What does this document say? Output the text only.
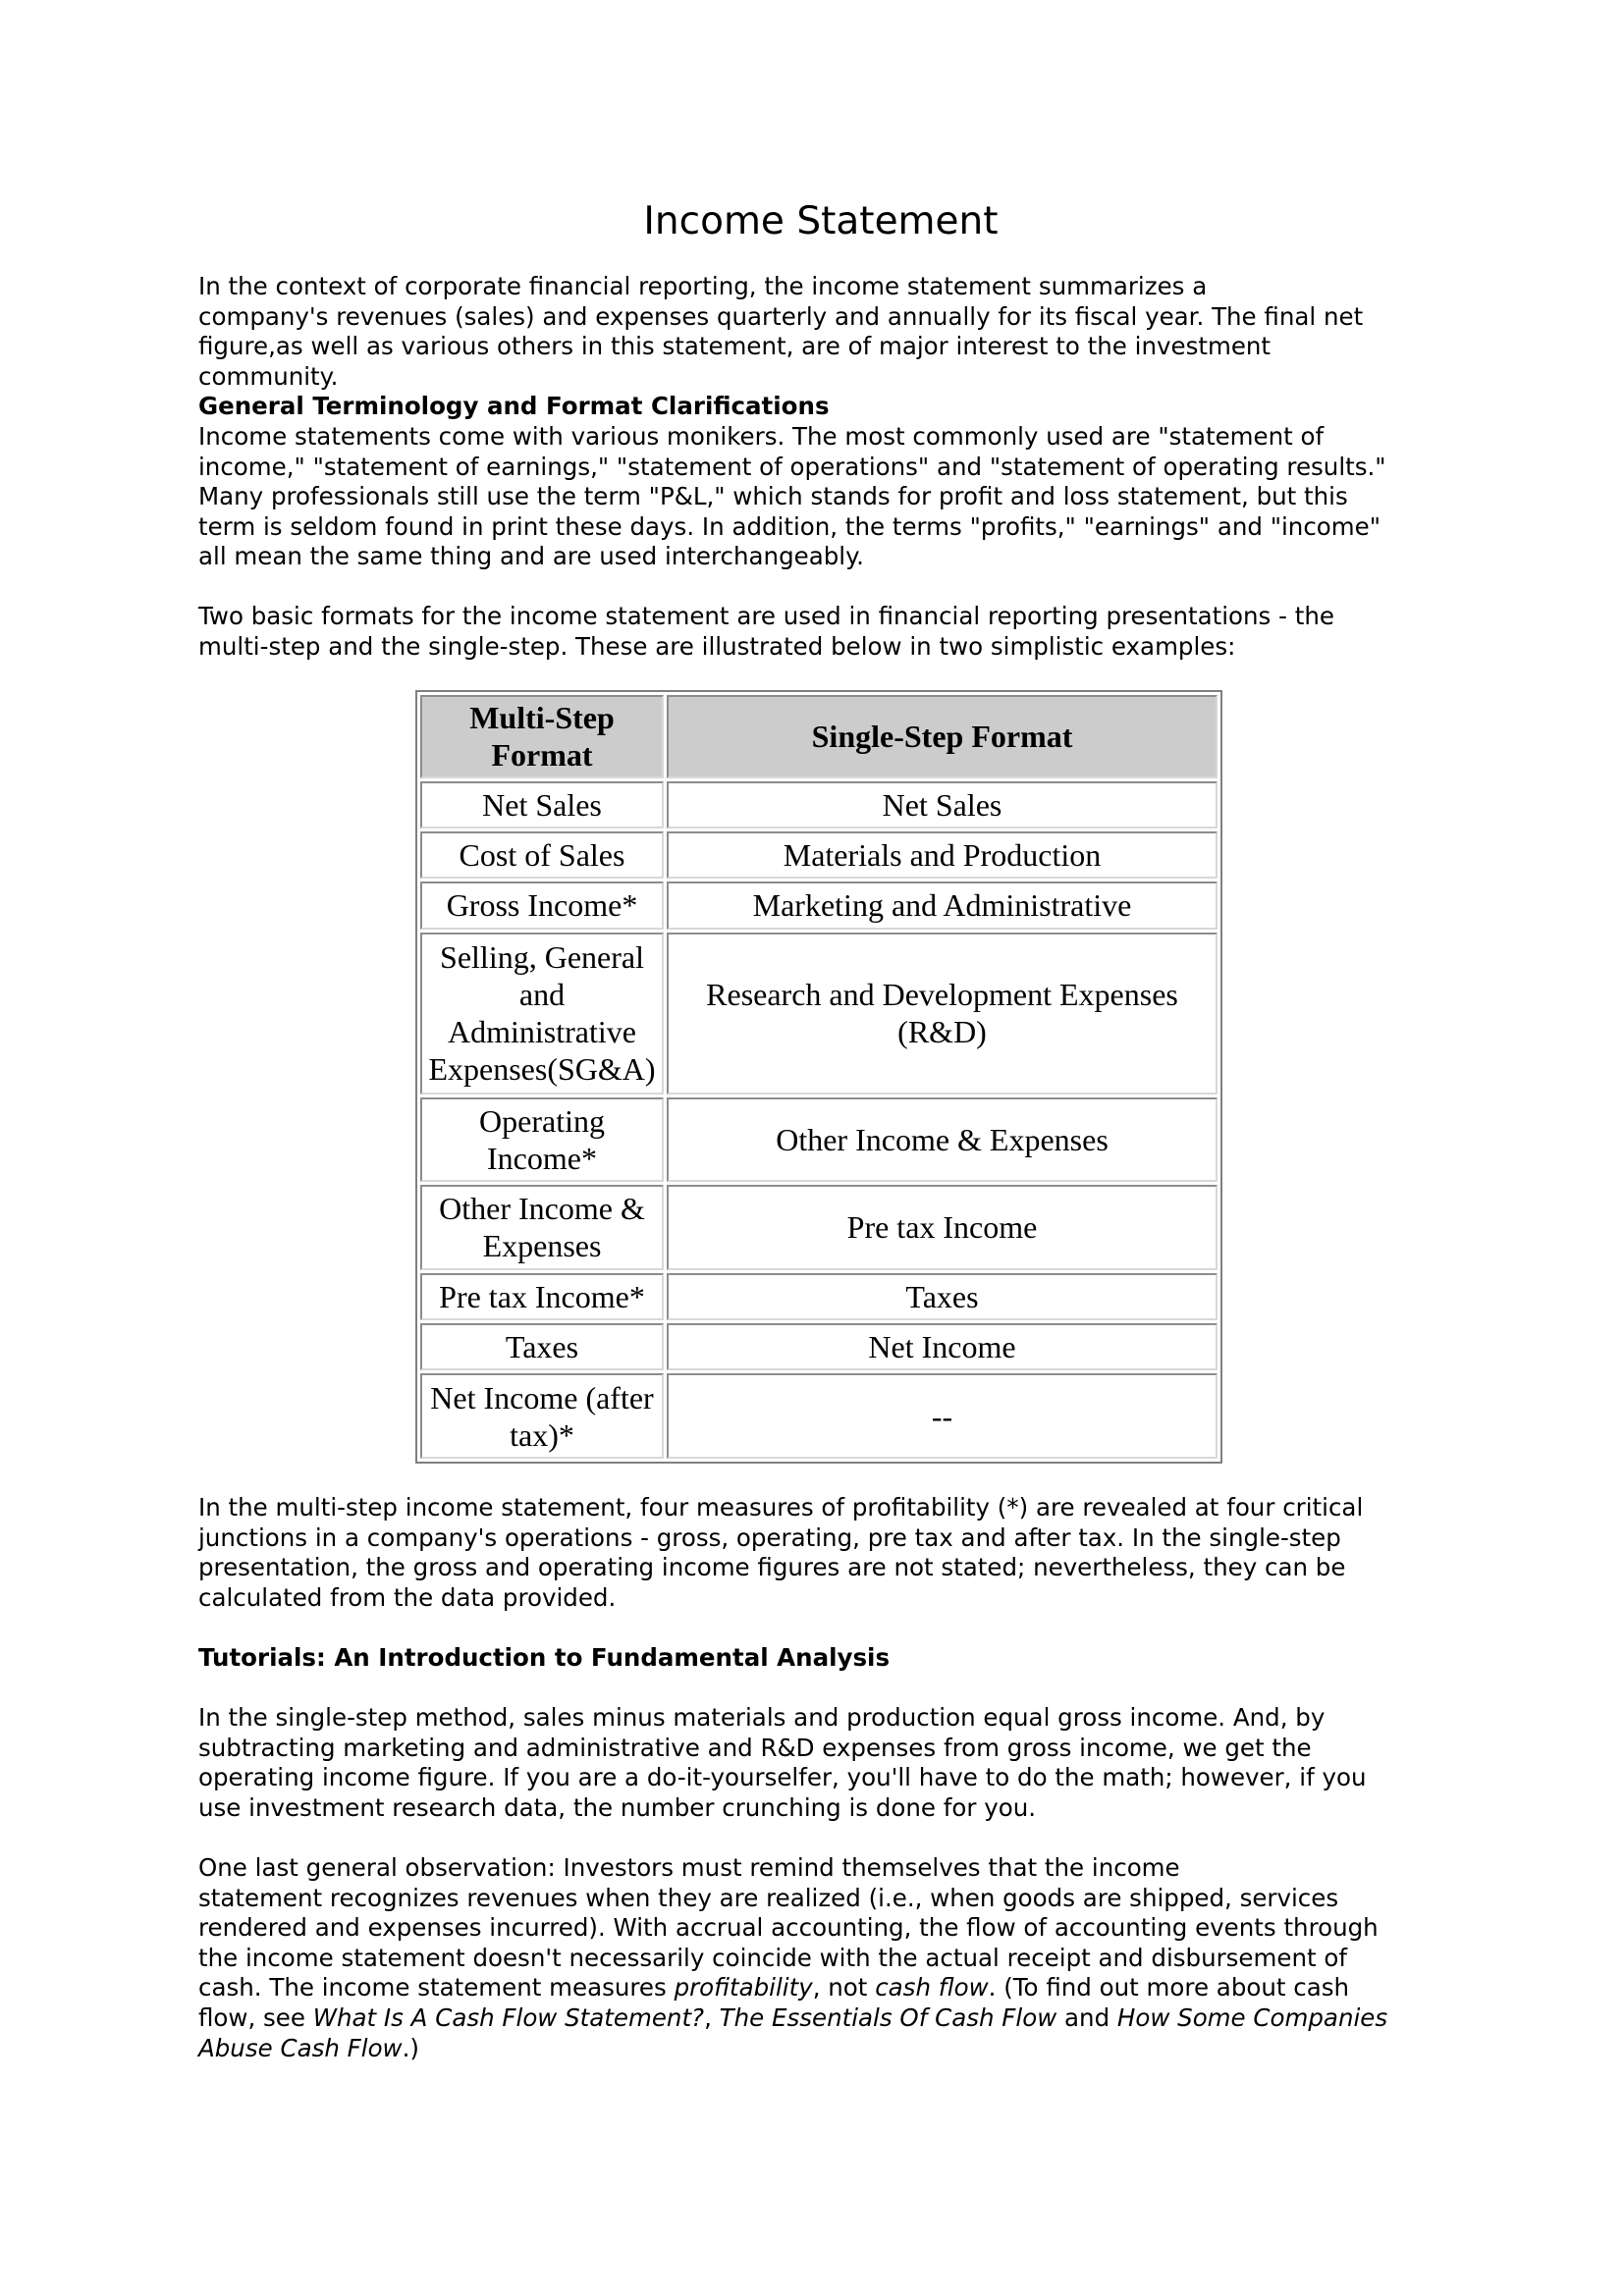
Income Statement

In the context of corporate financial reporting, the income statement summarizes a
company's revenues (sales) and expenses quarterly and annually for its fiscal year. The final net
figure,as well as various others in this statement, are of major interest to the investment
community.
General Terminology and Format Clarifications
Income statements come with various monikers. The most commonly used are "statement of
income," "statement of earnings," "statement of operations" and "statement of operating results."
Many professionals still use the term "P&L," which stands for profit and loss statement, but this
term is seldom found in print these days. In addition, the terms "profits," "earnings" and "income"
all mean the same thing and are used interchangeably.

Two basic formats for the income statement are used in financial reporting presentations - the
multi-step and the single-step. These are illustrated below in two simplistic examples:

Multi-Step Format	Single-Step Format
Net Sales	Net Sales
Cost of Sales	Materials and Production
Gross Income*	Marketing and Administrative
Selling, General and Administrative Expenses(SG&A)	Research and Development Expenses (R&D)
Operating Income*	Other Income & Expenses
Other Income & Expenses	Pre tax Income
Pre tax Income*	Taxes
Taxes	Net Income
Net Income (after tax)*	--

In the multi-step income statement, four measures of profitability (*) are revealed at four critical
junctions in a company's operations - gross, operating, pre tax and after tax. In the single-step
presentation, the gross and operating income figures are not stated; nevertheless, they can be
calculated from the data provided.

Tutorials: An Introduction to Fundamental Analysis

In the single-step method, sales minus materials and production equal gross income. And, by
subtracting marketing and administrative and R&D expenses from gross income, we get the
operating income figure. If you are a do-it-yourselfer, you'll have to do the math; however, if you
use investment research data, the number crunching is done for you.

One last general observation: Investors must remind themselves that the income
statement recognizes revenues when they are realized (i.e., when goods are shipped, services
rendered and expenses incurred). With accrual accounting, the flow of accounting events through
the income statement doesn't necessarily coincide with the actual receipt and disbursement of
cash. The income statement measures profitability, not cash flow. (To find out more about cash
flow, see What Is A Cash Flow Statement?, The Essentials Of Cash Flow and How Some Companies
Abuse Cash Flow.)
